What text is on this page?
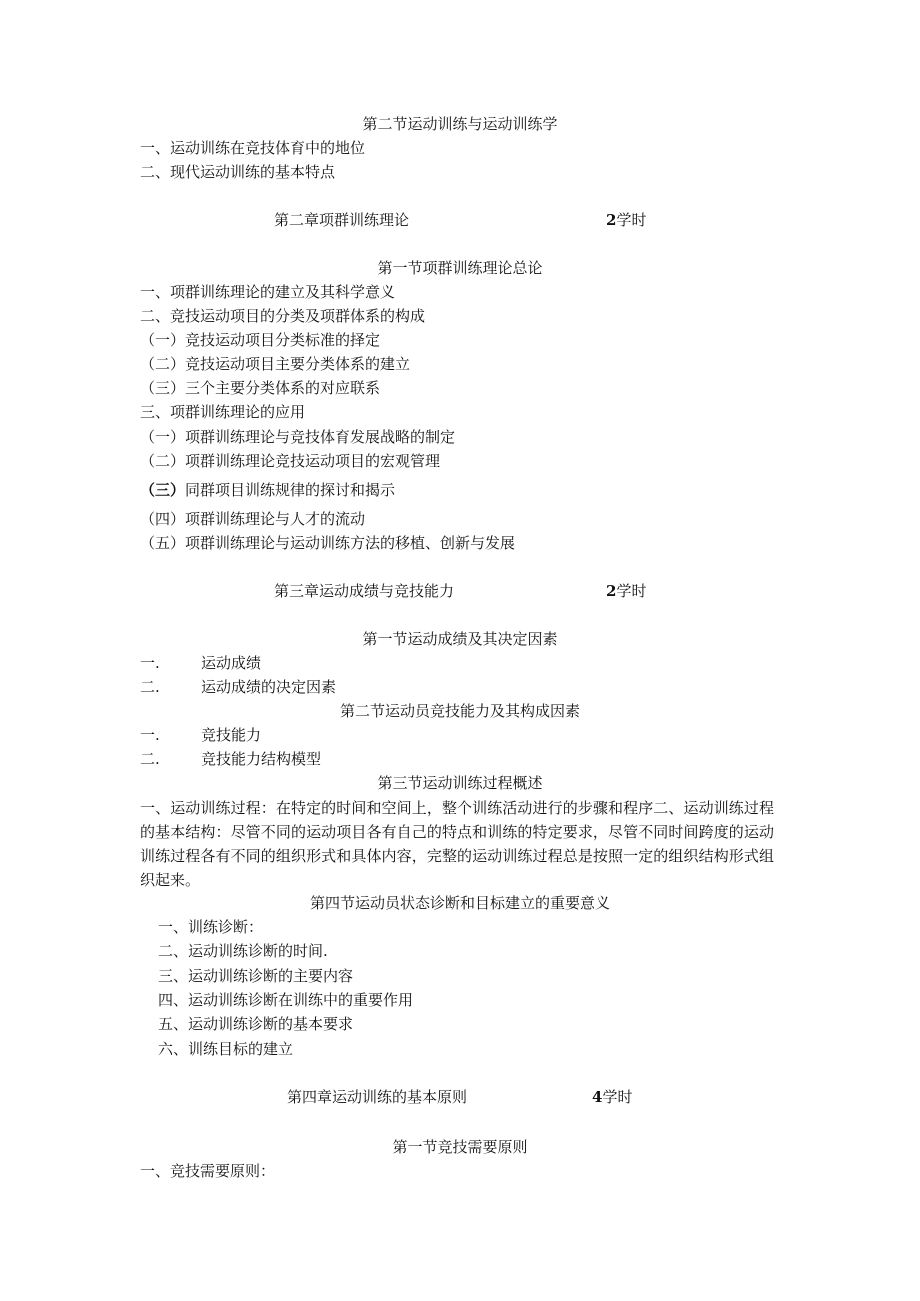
第二节运动训练与运动训练学
一、运动训练在竞技体育中的地位
二、现代运动训练的基本特点
第二章项群训练理论	2学时
第一节项群训练理论总论
一、项群训练理论的建立及其科学意义
二、竞技运动项目的分类及项群体系的构成
（一）竞技运动项目分类标准的择定
（二）竞技运动项目主要分类体系的建立
（三）三个主要分类体系的对应联系
三、项群训练理论的应用
（一）项群训练理论与竞技体育发展战略的制定
（二）项群训练理论竞技运动项目的宏观管理
（三）同群项目训练规律的探讨和揭示
（四）项群训练理论与人才的流动
（五）项群训练理论与运动训练方法的移植、创新与发展
第三章运动成绩与竞技能力	2学时
第一节运动成绩及其决定因素
一.	运动成绩
二.	运动成绩的决定因素
第二节运动员竞技能力及其构成因素
一.	竞技能力
二.	竞技能力结构模型
第三节运动训练过程概述
一、运动训练过程：在特定的时间和空间上，整个训练活动进行的步骤和程序二、运动训练过程的基本结构：尽管不同的运动项目各有自己的特点和训练的特定要求，尽管不同时间跨度的运动训练过程各有不同的组织形式和具体内容，完整的运动训练过程总是按照一定的组织结构形式组织起来。
第四节运动员状态诊断和目标建立的重要意义
一、训练诊断：
二、运动训练诊断的时间.
三、运动训练诊断的主要内容
四、运动训练诊断在训练中的重要作用
五、运动训练诊断的基本要求
六、训练目标的建立
第四章运动训练的基本原则	4学时
第一节竞技需要原则
一、竞技需要原则：
